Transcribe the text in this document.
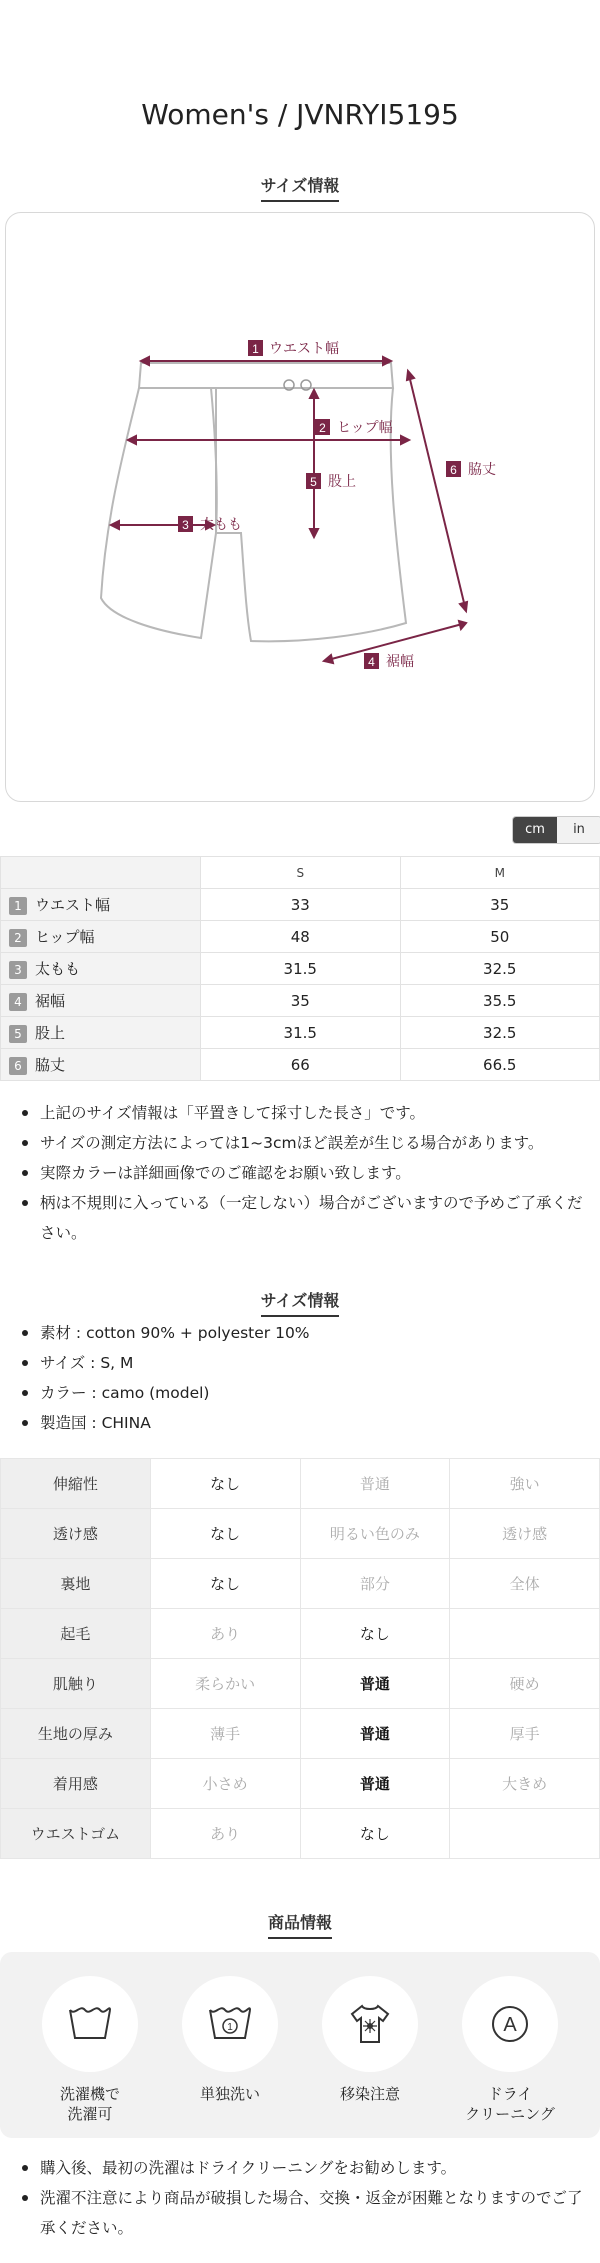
Women's / JVNRYI5195
サイズ情報
1 ウエスト幅
2 ヒップ幅
3 太もも
4 裾幅
5 股上
6 脇丈
cm	in
	S	M
1 ウエスト幅	33	35
2 ヒップ幅	48	50
3 太もも	31.5	32.5
4 裾幅	35	35.5
5 股上	31.5	32.5
6 脇丈	66	66.5
上記のサイズ情報は「平置きして採寸した長さ」です。
サイズの測定方法によっては1~3cmほど誤差が生じる場合があります。
実際カラーは詳細画像でのご確認をお願い致します。
柄は不規則に入っている（一定しない）場合がございますので予めご了承ください。
サイズ情報
素材 : cotton 90% + polyester 10%
サイズ : S, M
カラー : camo (model)
製造国 : CHINA
伸縮性	なし	普通	強い
透け感	なし	明るい色のみ	透け感
裏地	なし	部分	全体
起毛	あり	なし	
肌触り	柔らかい	普通	硬め
生地の厚み	薄手	普通	厚手
着用感	小さめ	普通	大きめ
ウエストゴム	あり	なし	
商品情報
洗濯機で
洗濯可
1
単独洗い	移染注意
A
ドライ
クリーニング
購入後、最初の洗濯はドライクリーニングをお勧めします。
洗濯不注意により商品が破損した場合、交換・返金が困難となりますのでご了承ください。
